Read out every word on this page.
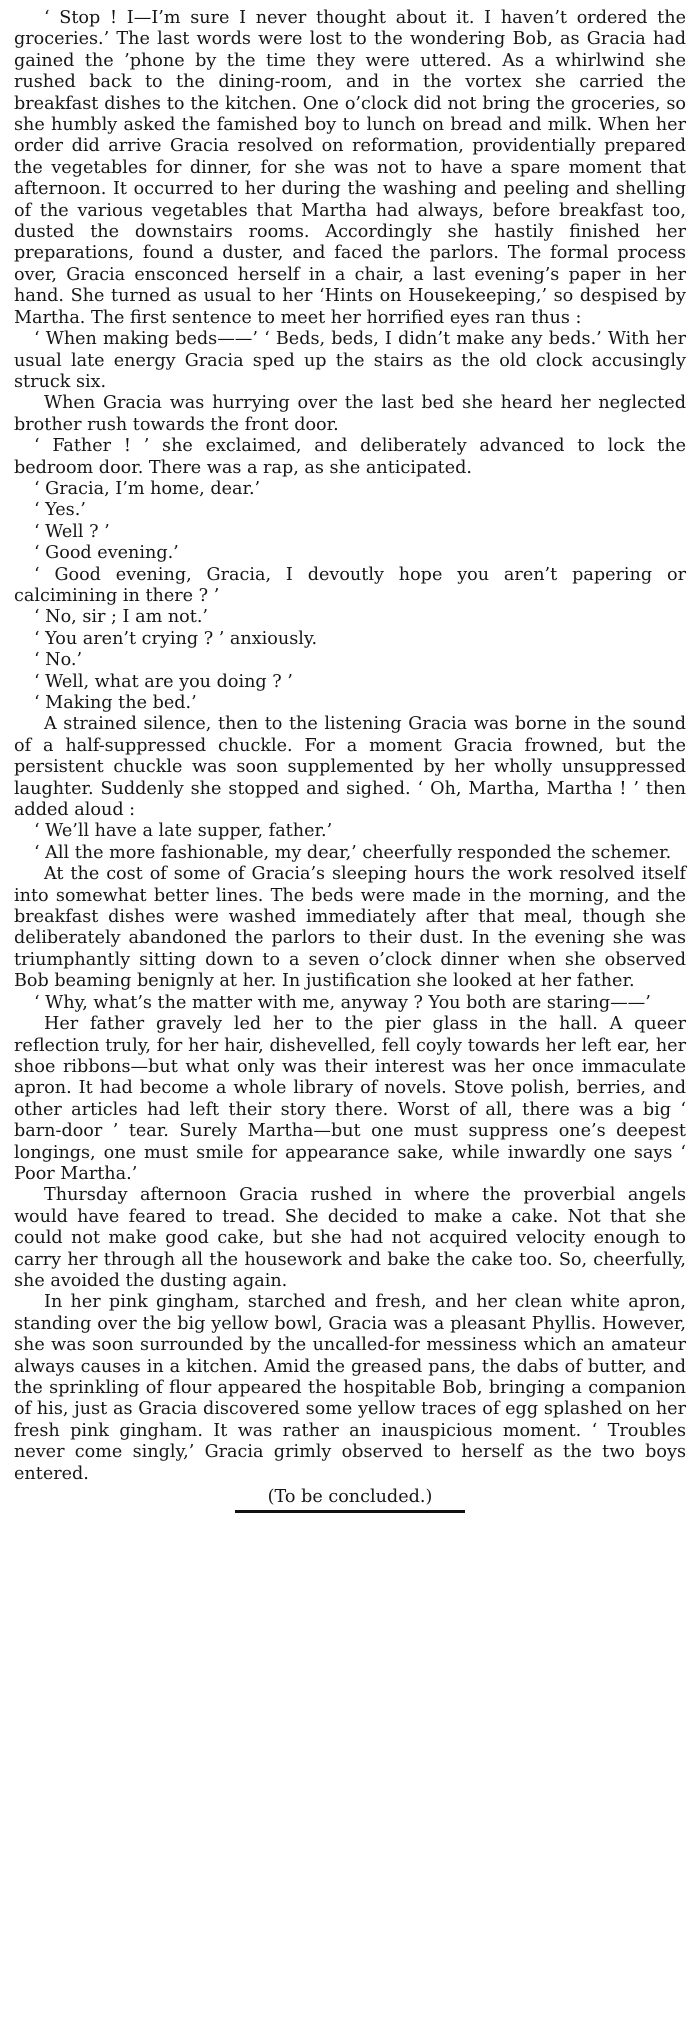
‘ Stop ! I—I’m sure I never thought about it. I haven’t ordered the groceries.’ The last words were lost to the wondering Bob, as Gracia had gained the ’phone by the time they were uttered. As a whirlwind she rushed back to the dining-room, and in the vortex she carried the breakfast dishes to the kitchen. One o’clock did not bring the groceries, so she humbly asked the famished boy to lunch on bread and milk. When her order did arrive Gracia resolved on reformation, providentially prepared the vegetables for dinner, for she was not to have a spare moment that afternoon. It occurred to her during the washing and peeling and shelling of the various vegetables that Martha had always, before breakfast too, dusted the downstairs rooms. Accordingly she hastily finished her preparations, found a duster, and faced the parlors. The formal process over, Gracia ensconced herself in a chair, a last evening’s paper in her hand. She turned as usual to her ‘Hints on Housekeeping,’ so despised by Martha. The first sentence to meet her horrified eyes ran thus :

‘ When making beds——’ ‘ Beds, beds, I didn’t make any beds.’ With her usual late energy Gracia sped up the stairs as the old clock accusingly struck six.

When Gracia was hurrying over the last bed she heard her neglected brother rush towards the front door.

‘ Father ! ’ she exclaimed, and deliberately advanced to lock the bedroom door. There was a rap, as she anticipated.

‘ Gracia, I’m home, dear.’

‘ Yes.’

‘ Well ? ’

‘ Good evening.’

‘ Good evening, Gracia, I devoutly hope you aren’t papering or calcimining in there ? ’

‘ No, sir ; I am not.’

‘ You aren’t crying ? ’ anxiously.

‘ No.’

‘ Well, what are you doing ? ’

‘ Making the bed.’

A strained silence, then to the listening Gracia was borne in the sound of a half-suppressed chuckle. For a moment Gracia frowned, but the persistent chuckle was soon supplemented by her wholly unsuppressed laughter. Suddenly she stopped and sighed. ‘ Oh, Martha, Martha ! ’ then added aloud :

‘ We’ll have a late supper, father.’

‘ All the more fashionable, my dear,’ cheerfully responded the schemer.

At the cost of some of Gracia’s sleeping hours the work resolved itself into somewhat better lines. The beds were made in the morning, and the breakfast dishes were washed immediately after that meal, though she deliberately abandoned the parlors to their dust. In the evening she was triumphantly sitting down to a seven o’clock dinner when she observed Bob beaming benignly at her. In justification she looked at her father.

‘ Why, what’s the matter with me, anyway ? You both are staring——’

Her father gravely led her to the pier glass in the hall. A queer reflection truly, for her hair, dishevelled, fell coyly towards her left ear, her shoe ribbons—but what only was their interest was her once immaculate apron. It had become a whole library of novels. Stove polish, berries, and other articles had left their story there. Worst of all, there was a big ‘ barn-door ’ tear. Surely Martha—but one must suppress one’s deepest longings, one must smile for appearance sake, while inwardly one says ‘ Poor Martha.’

Thursday afternoon Gracia rushed in where the proverbial angels would have feared to tread. She decided to make a cake. Not that she could not make good cake, but she had not acquired velocity enough to carry her through all the housework and bake the cake too. So, cheerfully, she avoided the dusting again.

In her pink gingham, starched and fresh, and her clean white apron, standing over the big yellow bowl, Gracia was a pleasant Phyllis. However, she was soon surrounded by the uncalled-for messiness which an amateur always causes in a kitchen. Amid the greased pans, the dabs of butter, and the sprinkling of flour appeared the hospitable Bob, bringing a companion of his, just as Gracia discovered some yellow traces of egg splashed on her fresh pink gingham. It was rather an inauspicious moment. ‘ Troubles never come singly,’ Gracia grimly observed to herself as the two boys entered.

(To be concluded.)
